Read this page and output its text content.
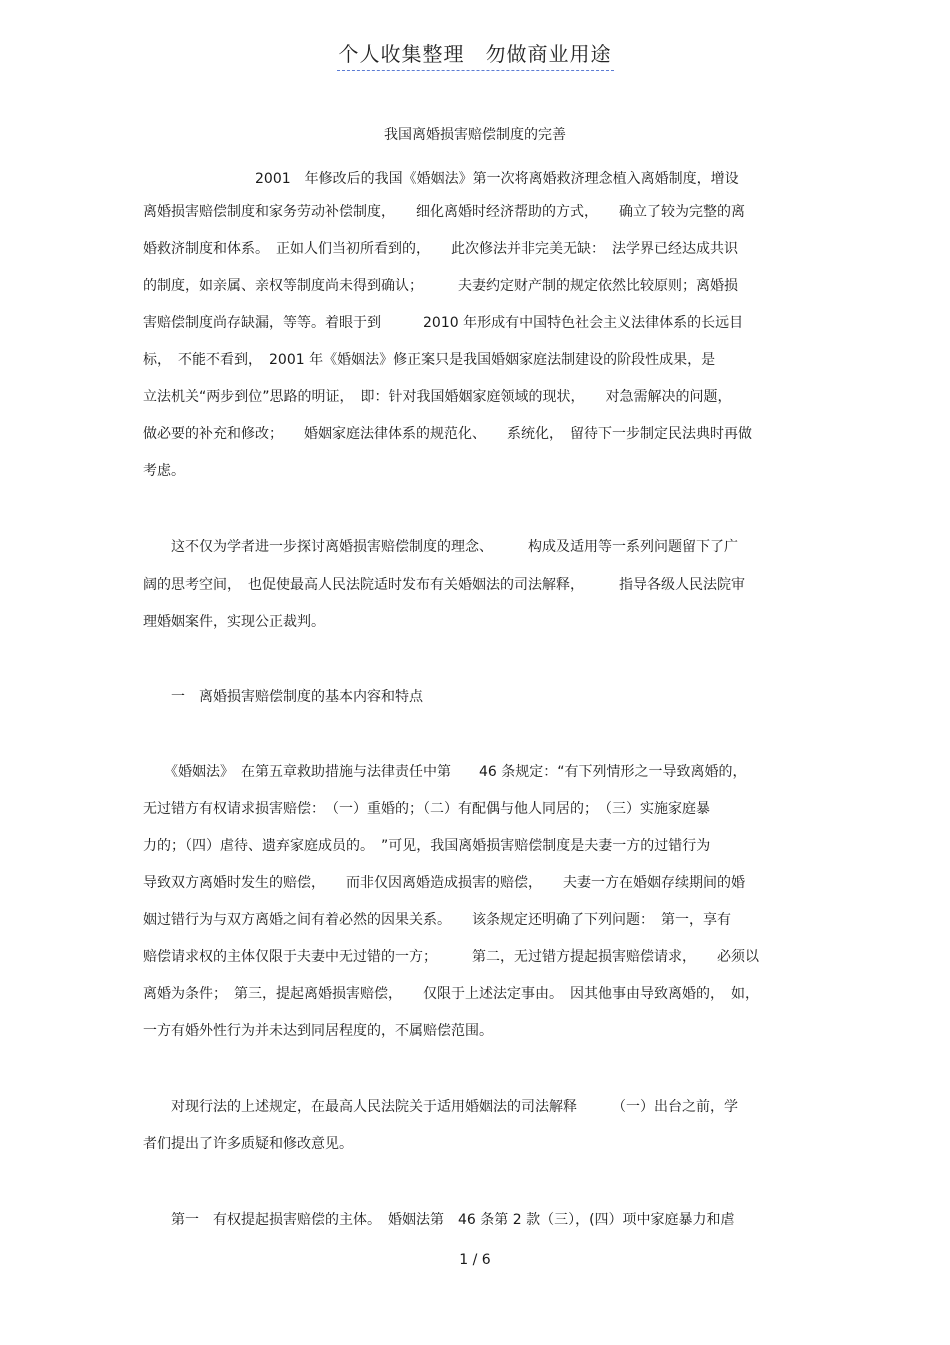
个人收集整理　勿做商业用途
我国离婚损害赔偿制度的完善
　　　　　　　　2001　年修改后的我国《婚姻法》第一次将离婚救济理念植入离婚制度，增设
离婚损害赔偿制度和家务劳动补偿制度，　　细化离婚时经济帮助的方式，　　确立了较为完整的离
婚救济制度和体系。　正如人们当初所看到的，　　此次修法并非完美无缺：　法学界已经达成共识
的制度，如亲属、亲权等制度尚未得到确认；　　　夫妻约定财产制的规定依然比较原则；离婚损
害赔偿制度尚存缺漏，等等。着眼于到　　　2010 年形成有中国特色社会主义法律体系的长远目
标，　不能不看到，　2001 年《婚姻法》修正案只是我国婚姻家庭法制建设的阶段性成果，是
立法机关“两步到位”思路的明证，　即：针对我国婚姻家庭领域的现状，　　对急需解决的问题，
做必要的补充和修改；　　婚姻家庭法律体系的规范化、　　系统化，　留待下一步制定民法典时再做
考虑。
　　这不仅为学者进一步探讨离婚损害赔偿制度的理念、　　　构成及适用等一系列问题留下了广
阔的思考空间，　也促使最高人民法院适时发布有关婚姻法的司法解释，　　　指导各级人民法院审
理婚姻案件，实现公正裁判。
　　一　离婚损害赔偿制度的基本内容和特点
　　《婚姻法》　在第五章救助措施与法律责任中第　　46 条规定：“有下列情形之一导致离婚的，
无过错方有权请求损害赔偿：　（一）重婚的；（二）有配偶与他人同居的；　（三）实施家庭暴
力的；（四）虐待、遗弃家庭成员的。　”可见，我国离婚损害赔偿制度是夫妻一方的过错行为
导致双方离婚时发生的赔偿，　　而非仅因离婚造成损害的赔偿，　　夫妻一方在婚姻存续期间的婚
姻过错行为与双方离婚之间有着必然的因果关系。　　该条规定还明确了下列问题：　第一，享有
赔偿请求权的主体仅限于夫妻中无过错的一方；　　　第二，无过错方提起损害赔偿请求，　　必须以
离婚为条件；　第三，提起离婚损害赔偿，　　仅限于上述法定事由。　因其他事由导致离婚的，　如，
一方有婚外性行为并未达到同居程度的，不属赔偿范围。
　　对现行法的上述规定，在最高人民法院关于适用婚姻法的司法解释　　　（一）出台之前，学
者们提出了许多质疑和修改意见。
　　第一　有权提起损害赔偿的主体。　婚姻法第　46 条第 2 款（三），(四）项中家庭暴力和虐
1 / 6
